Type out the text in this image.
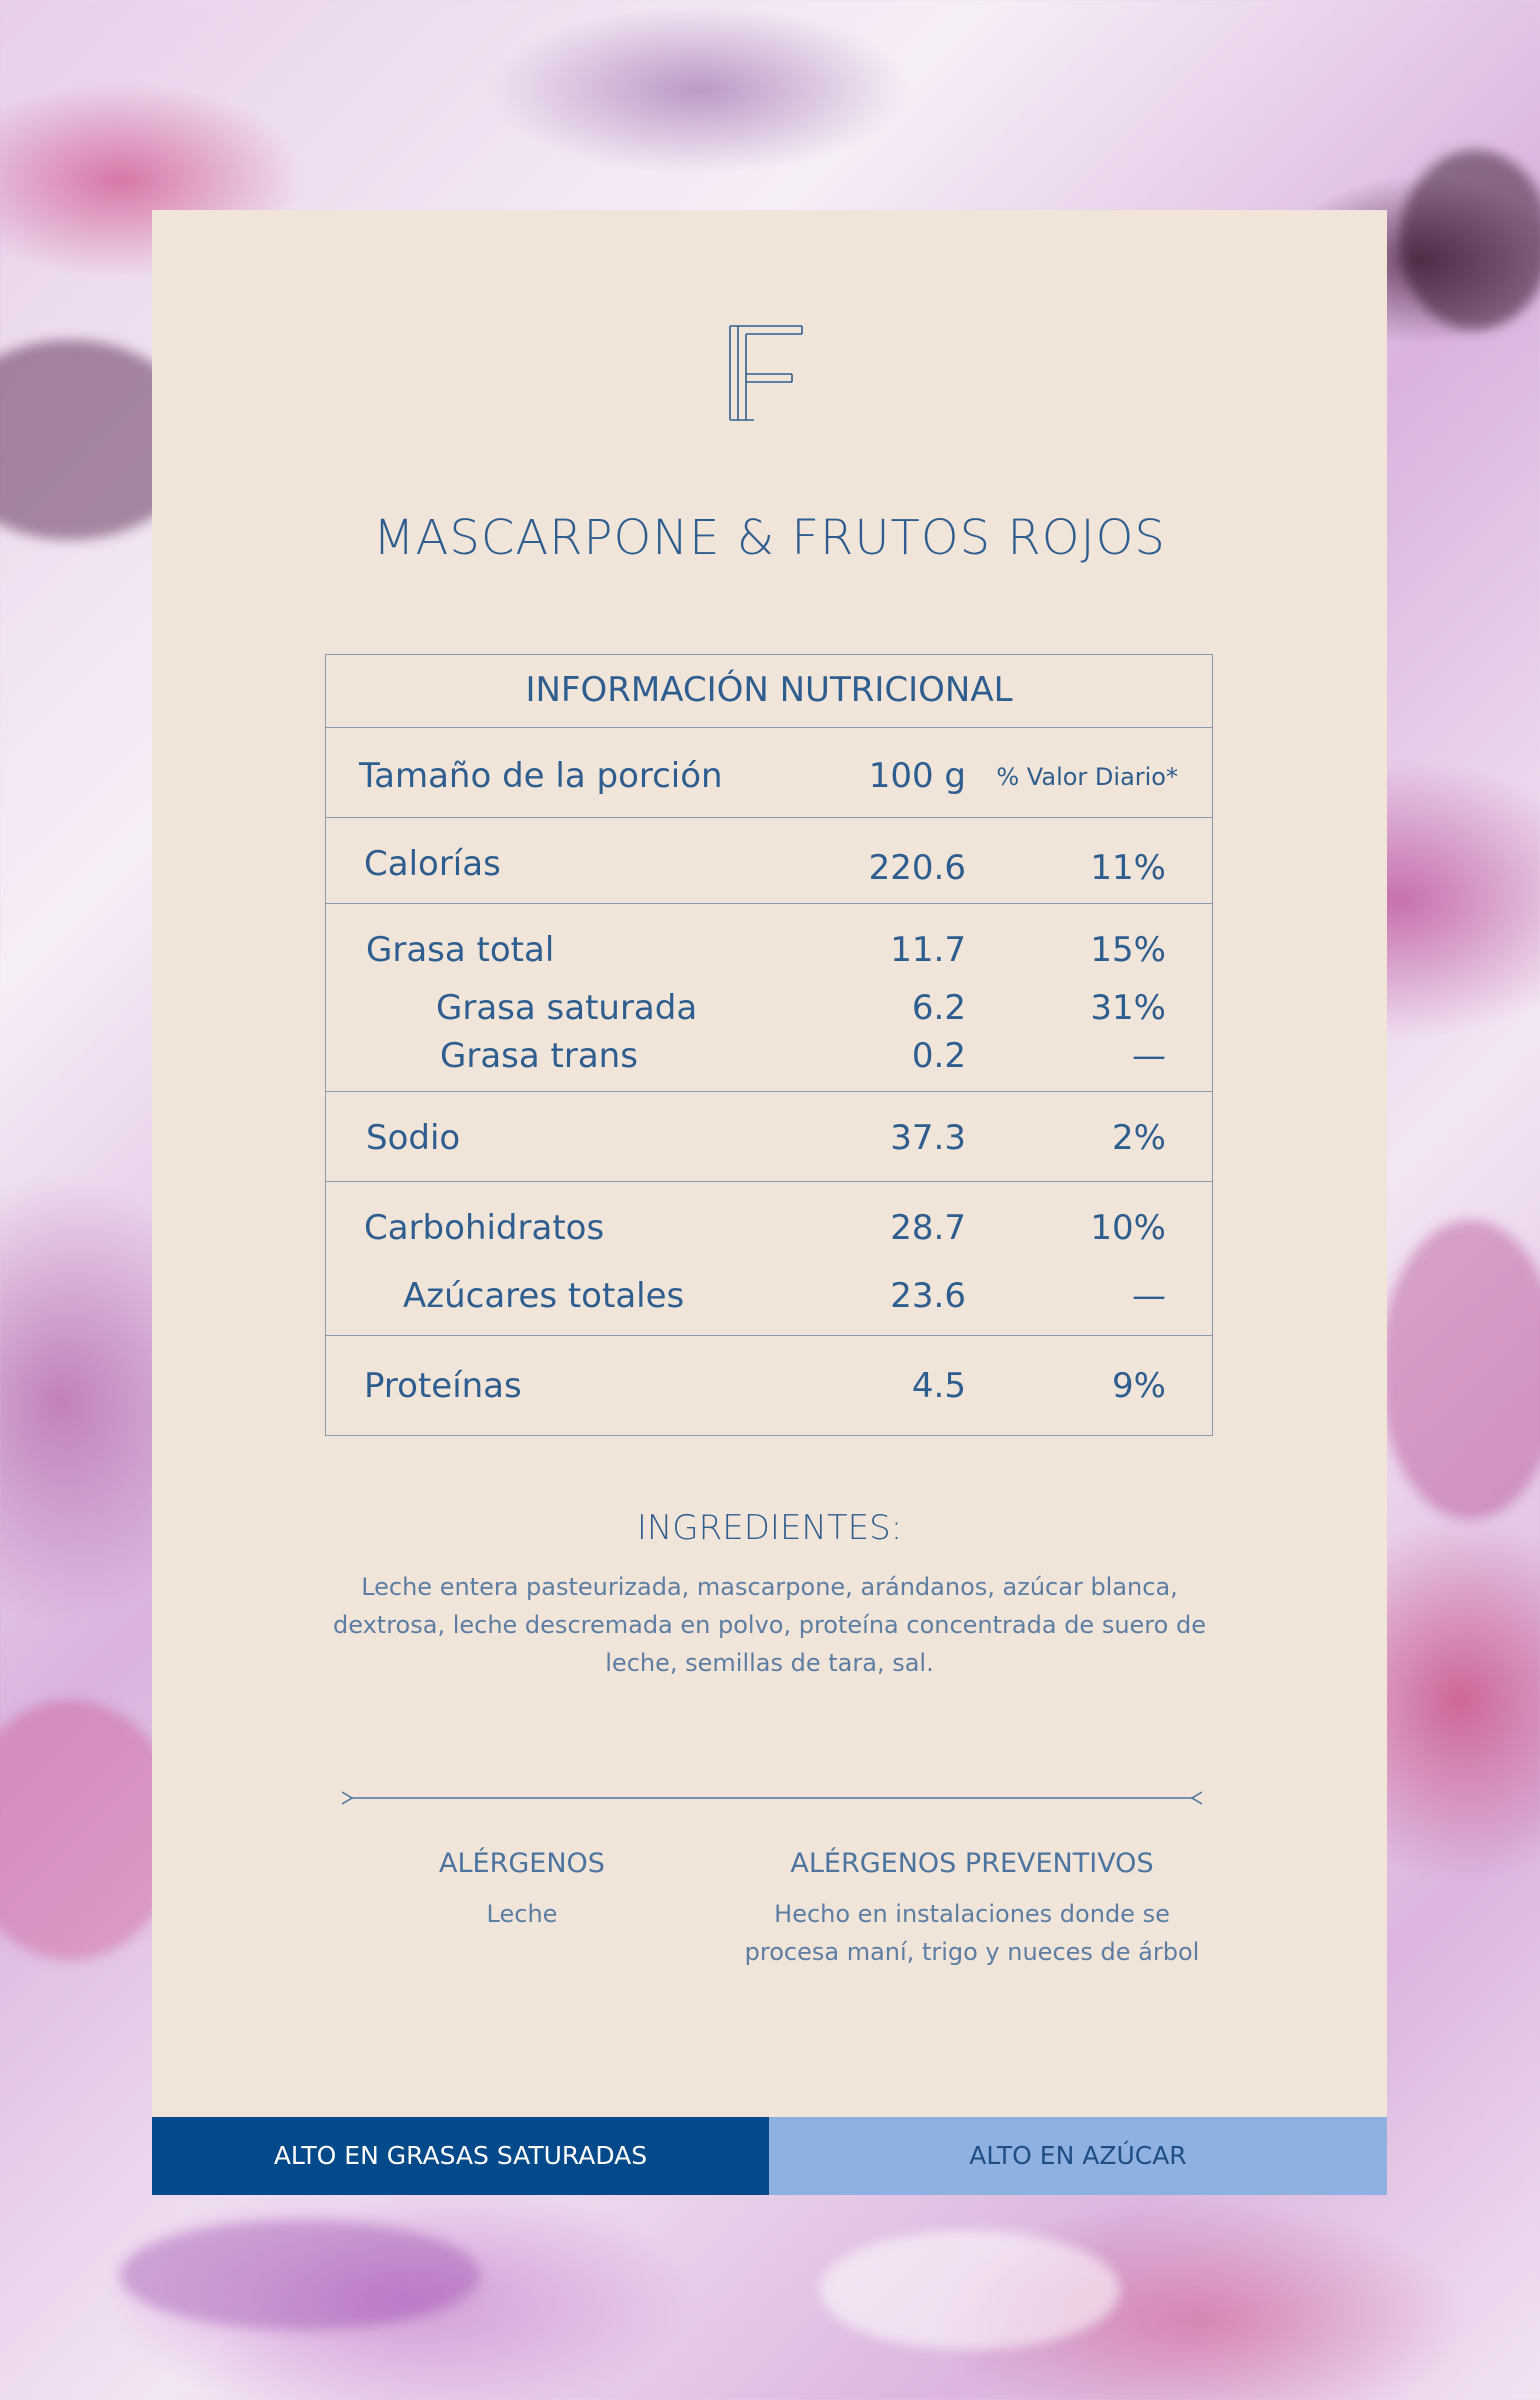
MASCARPONE & FRUTOS ROJOS
INFORMACIÓN NUTRICIONAL
Tamaño de la porción	100 g % Valor Diario*
Calorías	220.6	11%
Grasa total	11.7	15%
Grasa saturada	6.2	31%
Grasa trans	0.2	—
Sodio	37.3	2%
Carbohidratos	28.7	10%
Azúcares totales	23.6	—
Proteínas	4.5	9%
INGREDIENTES:

Leche entera pasteurizada, mascarpone, arándanos, azúcar blanca, dextrosa, leche descremada en polvo, proteína concentrada de suero de leche, semillas de tara, sal.

ALÉRGENOS
Leche
ALÉRGENOS PREVENTIVOS
Hecho en instalaciones donde se procesa maní, trigo y nueces de árbol
ALTO EN GRASAS SATURADAS	ALTO EN AZÚCAR
